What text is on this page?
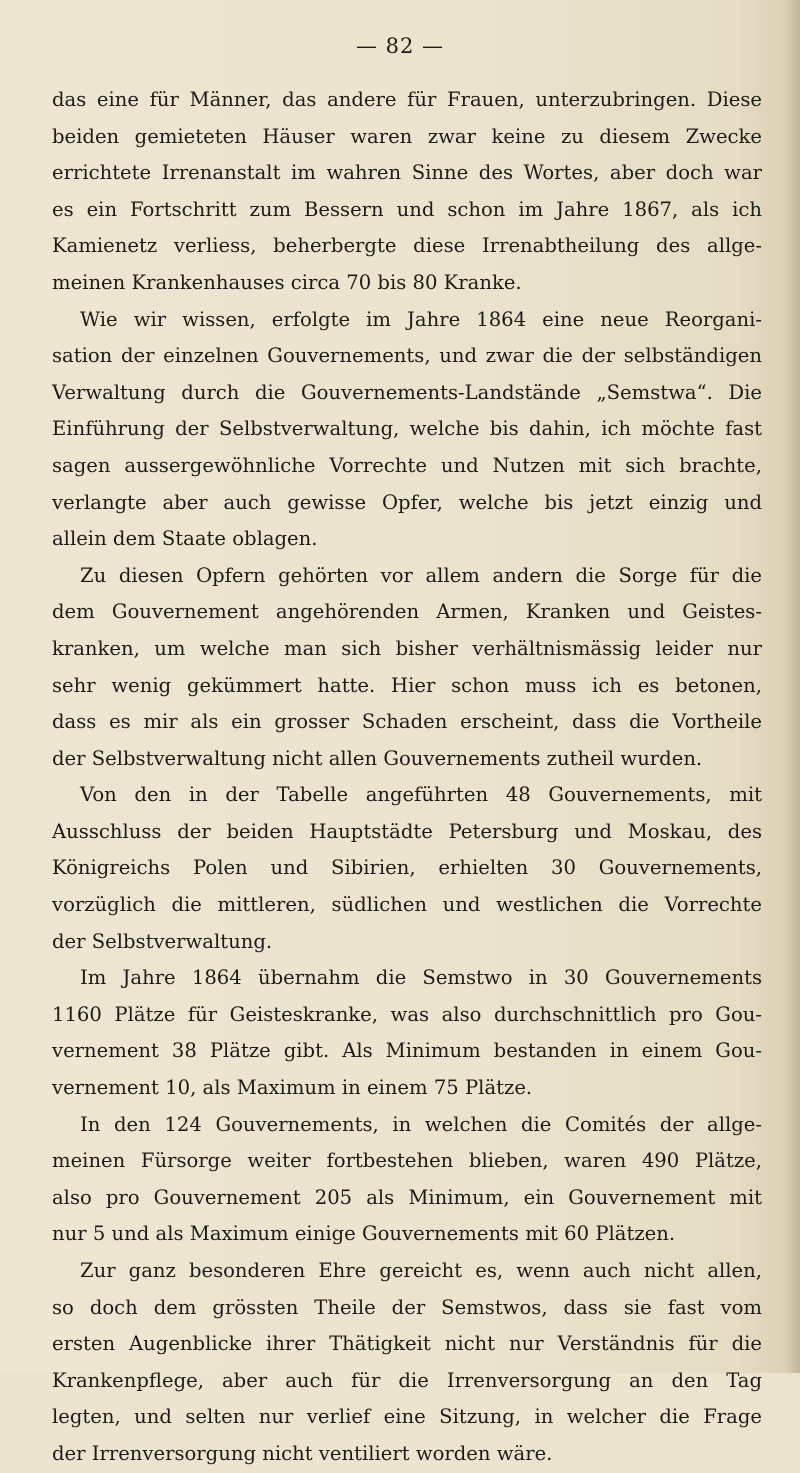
— 82 —
das eine für Männer, das andere für Frauen, unterzubringen. Diese
beiden gemieteten Häuser waren zwar keine zu diesem Zwecke
errichtete Irrenanstalt im wahren Sinne des Wortes, aber doch war
es ein Fortschritt zum Bessern und schon im Jahre 1867, als ich
Kamienetz verliess, beherbergte diese Irrenabtheilung des allge-
meinen Krankenhauses circa 70 bis 80 Kranke.
Wie wir wissen, erfolgte im Jahre 1864 eine neue Reorgani-
sation der einzelnen Gouvernements, und zwar die der selbständigen
Verwaltung durch die Gouvernements-Landstände „Semstwa“. Die
Einführung der Selbstverwaltung, welche bis dahin, ich möchte fast
sagen aussergewöhnliche Vorrechte und Nutzen mit sich brachte,
verlangte aber auch gewisse Opfer, welche bis jetzt einzig und
allein dem Staate oblagen.
Zu diesen Opfern gehörten vor allem andern die Sorge für die
dem Gouvernement angehörenden Armen, Kranken und Geistes-
kranken, um welche man sich bisher verhältnismässig leider nur
sehr wenig gekümmert hatte. Hier schon muss ich es betonen,
dass es mir als ein grosser Schaden erscheint, dass die Vortheile
der Selbstverwaltung nicht allen Gouvernements zutheil wurden.
Von den in der Tabelle angeführten 48 Gouvernements, mit
Ausschluss der beiden Hauptstädte Petersburg und Moskau, des
Königreichs Polen und Sibirien, erhielten 30 Gouvernements,
vorzüglich die mittleren, südlichen und westlichen die Vorrechte
der Selbstverwaltung.
Im Jahre 1864 übernahm die Semstwo in 30 Gouvernements
1160 Plätze für Geisteskranke, was also durchschnittlich pro Gou-
vernement 38 Plätze gibt. Als Minimum bestanden in einem Gou-
vernement 10, als Maximum in einem 75 Plätze.
In den 124 Gouvernements, in welchen die Comités der allge-
meinen Fürsorge weiter fortbestehen blieben, waren 490 Plätze,
also pro Gouvernement 205 als Minimum, ein Gouvernement mit
nur 5 und als Maximum einige Gouvernements mit 60 Plätzen.
Zur ganz besonderen Ehre gereicht es, wenn auch nicht allen,
so doch dem grössten Theile der Semstwos, dass sie fast vom
ersten Augenblicke ihrer Thätigkeit nicht nur Verständnis für die
Krankenpflege, aber auch für die Irrenversorgung an den Tag
legten, und selten nur verlief eine Sitzung, in welcher die Frage
der Irrenversorgung nicht ventiliert worden wäre.
